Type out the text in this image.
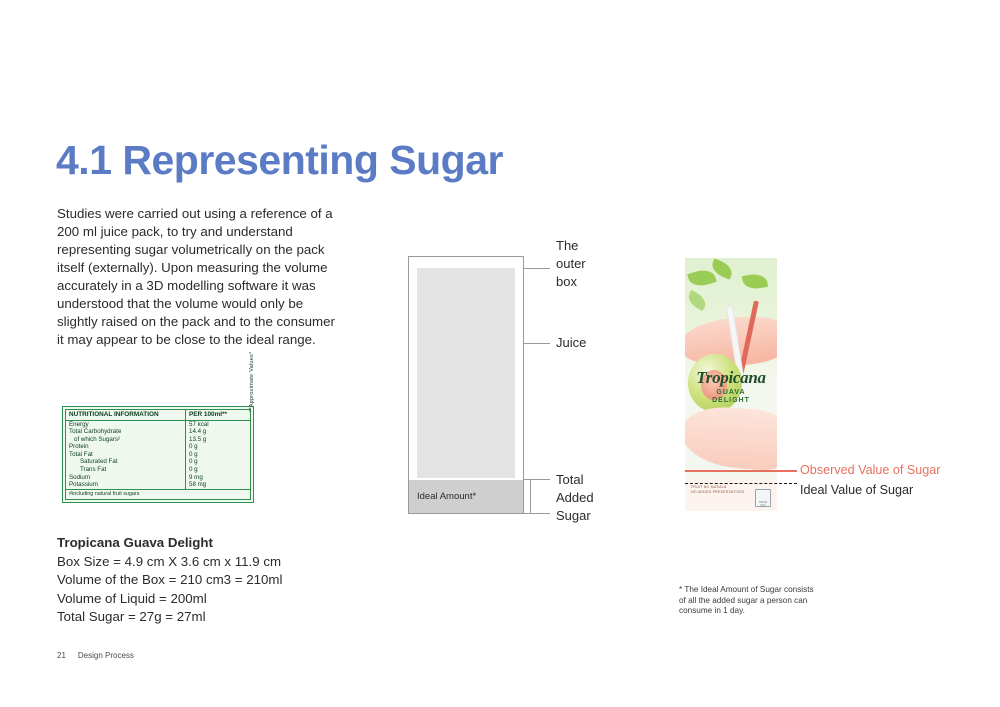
4.1 Representing Sugar
Studies were carried out using a reference of a 200 ml juice pack, to try and understand representing sugar volumetrically on the pack itself (externally). Upon measuring the volume accurately in a 3D modelling software it was understood that the volume would only be slightly raised on the pack and to the consumer it may appear to be close to the ideal range.
NUTRITIONAL INFORMATION	PER 100ml**
Energy	57 kcal
Total Carbohydrate	14.4 g
of which Sugars²	13.5 g
Protein	0 g
Total Fat	0 g
Saturated Fat	0 g
Trans Fat	0 g
Sodium	9 mg
Potassium	58 mg
#including natural fruit sugars	
**Approximate Values*
Tropicana Guava Delight
Box Size = 4.9 cm X 3.6 cm x 11.9 cm
Volume of the Box = 210 cm3 = 210ml
Volume of Liquid = 200ml
Total Sugar = 27g = 27ml
21 Design Process
Ideal Amount*
The
outer
box
Juice
Total
Added
Sugar
Tropicana
GUAVA
DELIGHT
FRUIT NO MASALA
NO ADDED PRESERVATIVES
TETRA PAK
Observed Value of Sugar
Ideal Value of Sugar
* The Ideal Amount of Sugar consists
of all the added sugar a person can
consume in 1 day.
